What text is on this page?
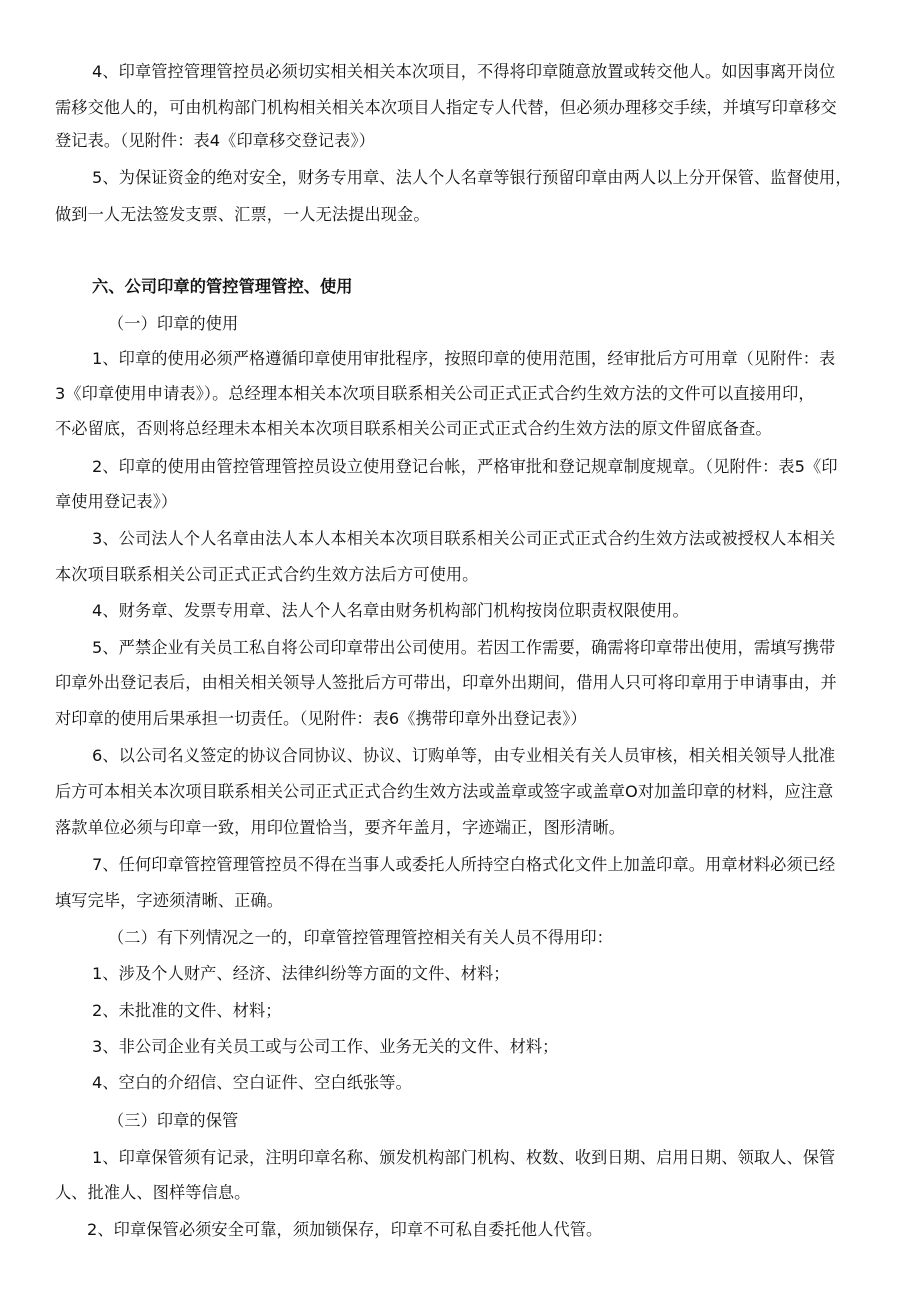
4、印章管控管理管控员必须切实相关相关本次项目，不得将印章随意放置或转交他人。如因事离开岗位
需移交他人的，可由机构部门机构相关相关本次项目人指定专人代替，但必须办理移交手续，并填写印章移交
登记表。（见附件：表4《印章移交登记表》）
5、为保证资金的绝对安全，财务专用章、法人个人名章等银行预留印章由两人以上分开保管、监督使用，
做到一人无法签发支票、汇票，一人无法提出现金。
六、公司印章的管控管理管控、使用
（一）印章的使用
1、印章的使用必须严格遵循印章使用审批程序，按照印章的使用范围，经审批后方可用章（见附件：表
3《印章使用申请表》）。总经理本相关本次项目联系相关公司正式正式合约生效方法的文件可以直接用印，
不必留底，否则将总经理未本相关本次项目联系相关公司正式正式合约生效方法的原文件留底备查。
2、印章的使用由管控管理管控员设立使用登记台帐，严格审批和登记规章制度规章。（见附件：表5《印
章使用登记表》）
3、公司法人个人名章由法人本人本相关本次项目联系相关公司正式正式合约生效方法或被授权人本相关
本次项目联系相关公司正式正式合约生效方法后方可使用。
4、财务章、发票专用章、法人个人名章由财务机构部门机构按岗位职责权限使用。
5、严禁企业有关员工私自将公司印章带出公司使用。若因工作需要，确需将印章带出使用，需填写携带
印章外出登记表后，由相关相关领导人签批后方可带出，印章外出期间，借用人只可将印章用于申请事由，并
对印章的使用后果承担一切责任。（见附件：表6《携带印章外出登记表》）
6、以公司名义签定的协议合同协议、协议、订购单等，由专业相关有关人员审核，相关相关领导人批准
后方可本相关本次项目联系相关公司正式正式合约生效方法或盖章或签字或盖章O对加盖印章的材料，应注意
落款单位必须与印章一致，用印位置恰当，要齐年盖月，字迹端正，图形清晰。
7、任何印章管控管理管控员不得在当事人或委托人所持空白格式化文件上加盖印章。用章材料必须已经
填写完毕，字迹须清晰、正确。
（二）有下列情况之一的，印章管控管理管控相关有关人员不得用印：
1、涉及个人财产、经济、法律纠纷等方面的文件、材料；
2、未批准的文件、材料；
3、非公司企业有关员工或与公司工作、业务无关的文件、材料；
4、空白的介绍信、空白证件、空白纸张等。
（三）印章的保管
1、印章保管须有记录，注明印章名称、颁发机构部门机构、枚数、收到日期、启用日期、领取人、保管
人、批准人、图样等信息。
2、印章保管必须安全可靠，须加锁保存，印章不可私自委托他人代管。
